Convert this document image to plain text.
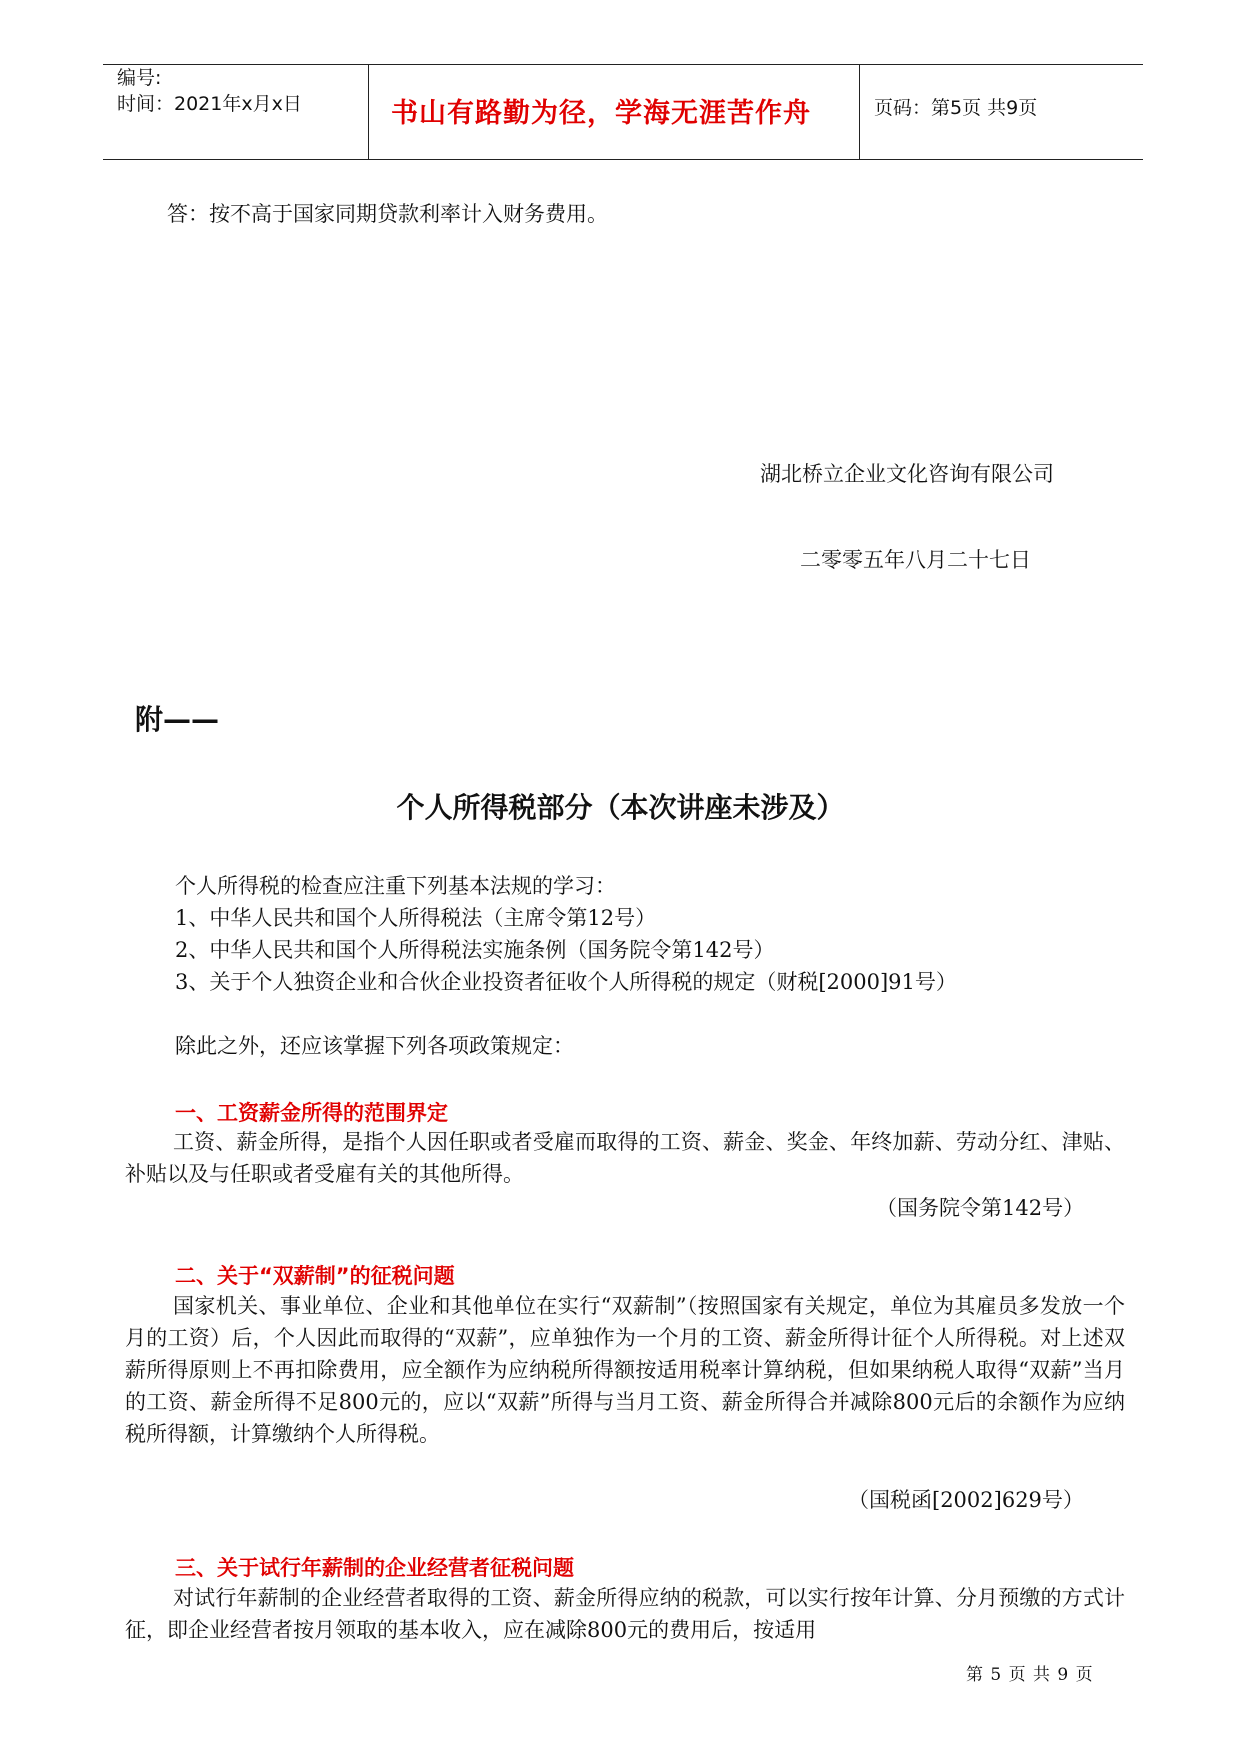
编号:
时间：2021年x月x日	书山有路勤为径，学海无涯苦作舟	页码：第5页 共9页
答：按不高于国家同期贷款利率计入财务费用。
湖北桥立企业文化咨询有限公司
二零零五年八月二十七日
附——
个人所得税部分（本次讲座未涉及）
个人所得税的检查应注重下列基本法规的学习：
1、中华人民共和国个人所得税法（主席令第12号）
2、中华人民共和国个人所得税法实施条例（国务院令第142号）
3、关于个人独资企业和合伙企业投资者征收个人所得税的规定（财税[2000]91号）
除此之外，还应该掌握下列各项政策规定：
一、工资薪金所得的范围界定
工资、薪金所得，是指个人因任职或者受雇而取得的工资、薪金、奖金、年终加薪、劳动分红、津贴、补贴以及与任职或者受雇有关的其他所得。
（国务院令第142号）
二、关于“双薪制”的征税问题
国家机关、事业单位、企业和其他单位在实行“双薪制”（按照国家有关规定，单位为其雇员多发放一个月的工资）后，个人因此而取得的“双薪”，应单独作为一个月的工资、薪金所得计征个人所得税。对上述双薪所得原则上不再扣除费用，应全额作为应纳税所得额按适用税率计算纳税，但如果纳税人取得“双薪”当月的工资、薪金所得不足800元的，应以“双薪”所得与当月工资、薪金所得合并减除800元后的余额作为应纳税所得额，计算缴纳个人所得税。
（国税函[2002]629号）
三、关于试行年薪制的企业经营者征税问题
对试行年薪制的企业经营者取得的工资、薪金所得应纳的税款，可以实行按年计算、分月预缴的方式计征，即企业经营者按月领取的基本收入，应在减除800元的费用后，按适用
第 5 页 共 9 页
